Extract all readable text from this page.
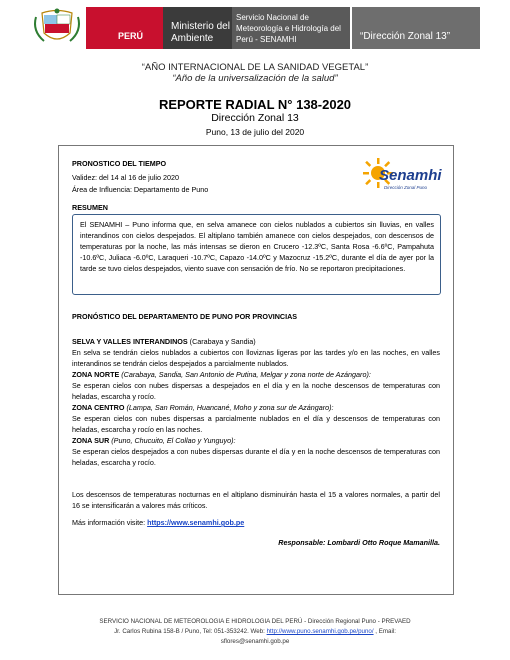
PERÚ
Ministerio del Ambiente
Servicio Nacional de Meteorología e Hidrología del Perú - SENAMHI	“Dirección Zonal 13”
“AÑO INTERNACIONAL DE LA SANIDAD VEGETAL”
“Año de la universalización de la salud”
REPORTE RADIAL N° 138-2020
Dirección Zonal 13
Puno, 13 de julio del 2020
PRONOSTICO DEL TIEMPO
Validez: del 14 al 16 de julio 2020
Área de Influencia: Departamento de Puno
RESUMEN
Senamhi
Dirección Zonal Puno
El SENAMHI – Puno informa que, en selva amanece con cielos nublados a cubiertos sin lluvias, en valles interandinos con cielos despejados. El altiplano también amanece con cielos despejados, con descensos de temperaturas por la noche, las más intensas se dieron en Crucero -12.3ºC, Santa Rosa -6.6ºC, Pampahuta -10.6ºC, Juliaca -6.0ºC, Laraqueri -10.7ºC, Capazo -14.0ºC y Mazocruz -15.2ºC, durante el día de ayer por la tarde se tuvo cielos despejados, viento suave con sensación de frío. No se reportaron precipitaciones.
PRONÓSTICO DEL DEPARTAMENTO DE PUNO POR PROVINCIAS
SELVA Y VALLES INTERANDINOS (Carabaya y Sandia)
En selva se tendrán cielos nublados a cubiertos con lloviznas ligeras por las tardes y/o en las noches, en valles interandinos se tendrán cielos despejados a parcialmente nublados.
ZONA NORTE (Carabaya, Sandia, San Antonio de Putina, Melgar y zona norte de Azángaro):
Se esperan cielos con nubes dispersas a despejados en el día y en la noche descensos de temperaturas con heladas, escarcha y rocío.
ZONA CENTRO (Lampa, San Román, Huancané, Moho y zona sur de Azángaro):
Se esperan cielos con nubes dispersas a parcialmente nublados en el día y descensos de temperaturas con heladas, escarcha y rocío en las noches.
ZONA SUR (Puno, Chucuito, El Collao y Yunguyo):
Se esperan cielos despejados a con nubes dispersas durante el día y en la noche descensos de temperaturas con heladas, escarcha y rocío.
Los descensos de temperaturas nocturnas en el altiplano disminuirán hasta el 15 a valores normales, a partir del 16 se intensificarán a valores más críticos.
Más información visite: https://www.senamhi.gob.pe
Responsable: Lombardi Otto Roque Mamanilla.
SERVICIO NACIONAL DE METEOROLOGIA E HIDROLOGIA DEL PERÚ - Dirección Regional Puno - PREVAED
Jr. Carlos Rubina 158-B / Puno, Tel: 051-353242. Web: http://www.puno.senamhi.gob.pe/puno/ , Email:
sflores@senamhi.gob.pe
